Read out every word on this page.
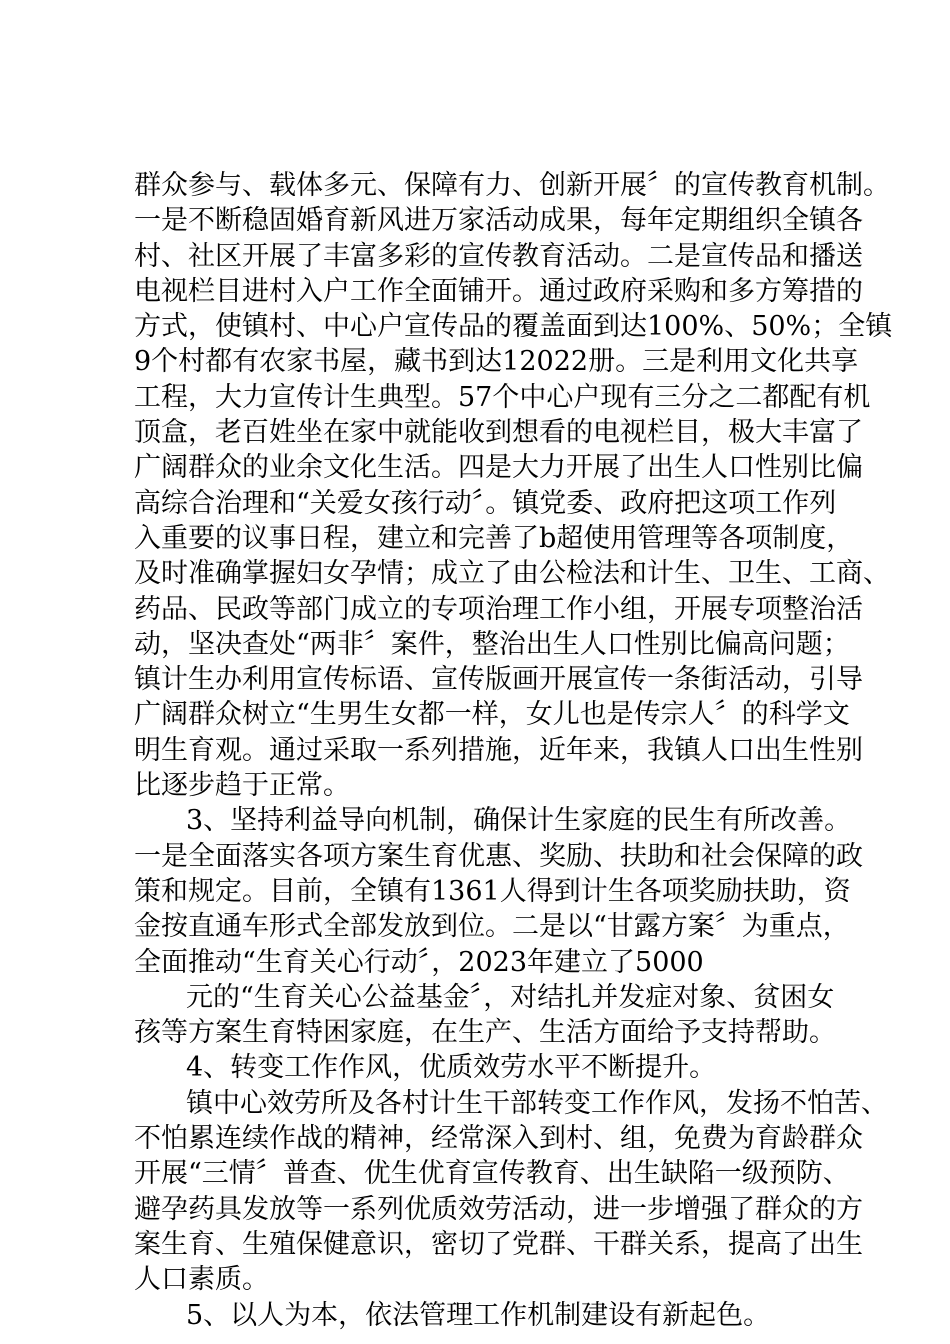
群众参与、载体多元、保障有力、创新开展〞的宣传教育机制。
一是不断稳固婚育新风进万家活动成果，每年定期组织全镇各
村、社区开展了丰富多彩的宣传教育活动。二是宣传品和播送
电视栏目进村入户工作全面铺开。通过政府采购和多方筹措的
方式，使镇村、中心户宣传品的覆盖面到达100%、50%；全镇
9个村都有农家书屋，藏书到达12022册。三是利用文化共享
工程，大力宣传计生典型。57个中心户现有三分之二都配有机
顶盒，老百姓坐在家中就能收到想看的电视栏目，极大丰富了
广阔群众的业余文化生活。四是大力开展了出生人口性别比偏
高综合治理和“关爱女孩行动〞。镇党委、政府把这项工作列
入重要的议事日程，建立和完善了b超使用管理等各项制度，
及时准确掌握妇女孕情；成立了由公检法和计生、卫生、工商、
药品、民政等部门成立的专项治理工作小组，开展专项整治活
动，坚决查处“两非〞案件，整治出生人口性别比偏高问题；
镇计生办利用宣传标语、宣传版画开展宣传一条街活动，引导
广阔群众树立“生男生女都一样，女儿也是传宗人〞的科学文
明生育观。通过采取一系列措施，近年来，我镇人口出生性别
比逐步趋于正常。
3、坚持利益导向机制，确保计生家庭的民生有所改善。
一是全面落实各项方案生育优惠、奖励、扶助和社会保障的政
策和规定。目前，全镇有1361人得到计生各项奖励扶助，资
金按直通车形式全部发放到位。二是以“甘露方案〞为重点，
全面推动“生育关心行动〞，2023年建立了5000
元的“生育关心公益基金〞，对结扎并发症对象、贫困女
孩等方案生育特困家庭，在生产、生活方面给予支持帮助。
4、转变工作作风，优质效劳水平不断提升。
镇中心效劳所及各村计生干部转变工作作风，发扬不怕苦、
不怕累连续作战的精神，经常深入到村、组，免费为育龄群众
开展“三情〞普查、优生优育宣传教育、出生缺陷一级预防、
避孕药具发放等一系列优质效劳活动，进一步增强了群众的方
案生育、生殖保健意识，密切了党群、干群关系，提高了出生
人口素质。
5、以人为本，依法管理工作机制建设有新起色。
